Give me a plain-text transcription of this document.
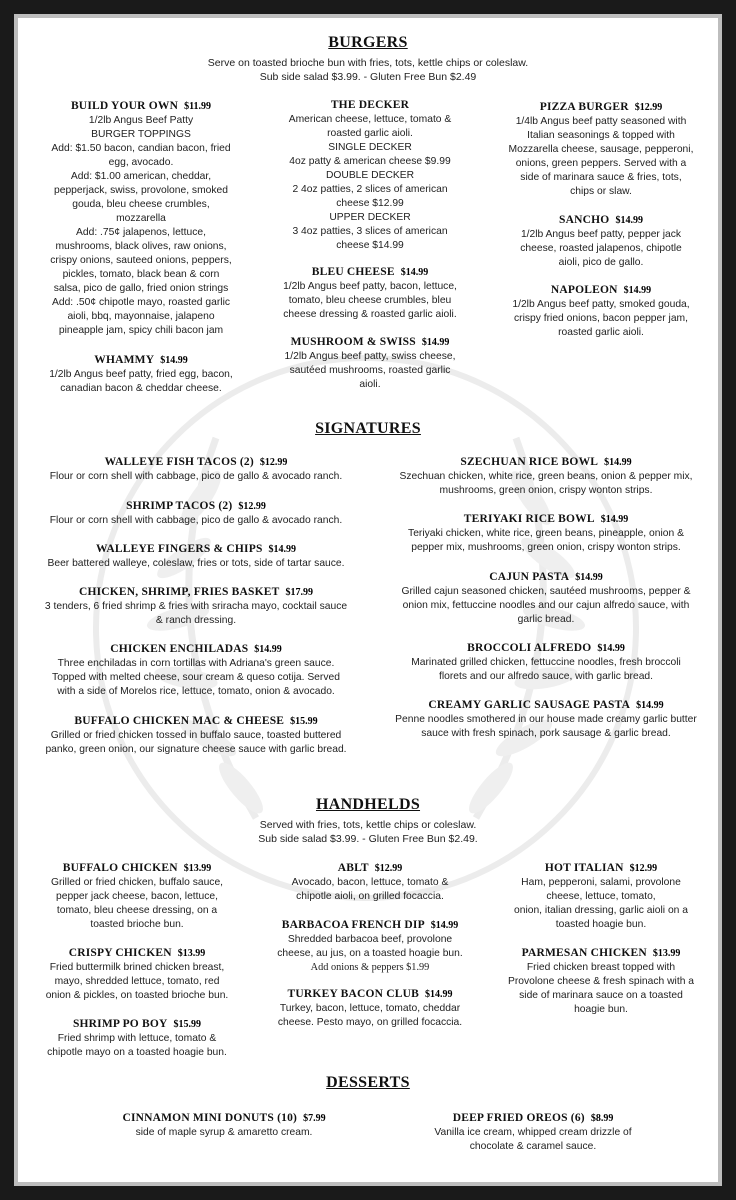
BURGERS
Serve on toasted brioche bun with fries, tots, kettle chips or coleslaw.
Sub side salad $3.99. - Gluten Free Bun $2.49
BUILD YOUR OWN $11.99
1/2lb Angus Beef Patty
BURGER TOPPINGS
Add: $1.50 bacon, candian bacon, fried
egg, avocado.
Add: $1.00 american, cheddar,
pepperjack, swiss, provolone, smoked
gouda, bleu cheese crumbles,
mozzarella
Add: .75¢ jalapenos, lettuce,
mushrooms, black olives, raw onions,
crispy onions, sauteed onions, peppers,
pickles, tomato, black bean & corn
salsa, pico de gallo, fried onion strings
Add: .50¢ chipotle mayo, roasted garlic
aioli, bbq, mayonnaise, jalapeno
pineapple jam, spicy chili bacon jam
WHAMMY $14.99
1/2lb Angus beef patty, fried egg, bacon,
canadian bacon & cheddar cheese.
THE DECKER
American cheese, lettuce, tomato &
roasted garlic aioli.
SINGLE DECKER
4oz patty & american cheese $9.99
DOUBLE DECKER
2 4oz patties, 2 slices of american
cheese $12.99
UPPER DECKER
3 4oz patties, 3 slices of american
cheese $14.99
BLEU CHEESE $14.99
1/2lb Angus beef patty, bacon, lettuce,
tomato, bleu cheese crumbles, bleu
cheese dressing & roasted garlic aioli.
MUSHROOM & SWISS $14.99
1/2lb Angus beef patty, swiss cheese,
sautéed mushrooms, roasted garlic
aioli.
PIZZA BURGER $12.99
1/4lb Angus beef patty seasoned with
Italian seasonings & topped with
Mozzarella cheese, sausage, pepperoni,
onions, green peppers. Served with a
side of marinara sauce & fries, tots,
chips or slaw.
SANCHO $14.99
1/2lb Angus beef patty, pepper jack
cheese, roasted jalapenos, chipotle
aioli, pico de gallo.
NAPOLEON $14.99
1/2lb Angus beef patty, smoked gouda,
crispy fried onions, bacon pepper jam,
roasted garlic aioli.
SIGNATURES
WALLEYE FISH TACOS (2) $12.99
Flour or corn shell with cabbage, pico de gallo & avocado ranch.
SHRIMP TACOS (2) $12.99
Flour or corn shell with cabbage, pico de gallo & avocado ranch.
WALLEYE FINGERS & CHIPS $14.99
Beer battered walleye, coleslaw, fries or tots, side of tartar sauce.
CHICKEN, SHRIMP, FRIES BASKET $17.99
3 tenders, 6 fried shrimp & fries with sriracha mayo, cocktail sauce
& ranch dressing.
CHICKEN ENCHILADAS $14.99
Three enchiladas in corn tortillas with Adriana's green sauce.
Topped with melted cheese, sour cream & queso cotija. Served
with a side of Morelos rice, lettuce, tomato, onion & avocado.
BUFFALO CHICKEN MAC & CHEESE $15.99
Grilled or fried chicken tossed in buffalo sauce, toasted buttered
panko, green onion, our signature cheese sauce with garlic bread.
SZECHUAN RICE BOWL $14.99
Szechuan chicken, white rice, green beans, onion & pepper mix,
mushrooms, green onion, crispy wonton strips.
TERIYAKI RICE BOWL $14.99
Teriyaki chicken, white rice, green beans, pineapple, onion &
pepper mix, mushrooms, green onion, crispy wonton strips.
CAJUN PASTA $14.99
Grilled cajun seasoned chicken, sautéed mushrooms, pepper &
onion mix, fettuccine noodles and our cajun alfredo sauce, with
garlic bread.
BROCCOLI ALFREDO $14.99
Marinated grilled chicken, fettuccine noodles, fresh broccoli
florets and our alfredo sauce, with garlic bread.
CREAMY GARLIC SAUSAGE PASTA $14.99
Penne noodles smothered in our house made creamy garlic butter
sauce with fresh spinach, pork sausage & garlic bread.
HANDHELDS
Served with fries, tots, kettle chips or coleslaw.
Sub side salad $3.99. - Gluten Free Bun $2.49.
BUFFALO CHICKEN $13.99
Grilled or fried chicken, buffalo sauce,
pepper jack cheese, bacon, lettuce,
tomato, bleu cheese dressing, on a
toasted brioche bun.
CRISPY CHICKEN $13.99
Fried buttermilk brined chicken breast,
mayo, shredded lettuce, tomato, red
onion & pickles, on toasted brioche bun.
SHRIMP PO BOY $15.99
Fried shrimp with lettuce, tomato &
chipotle mayo on a toasted hoagie bun.
ABLT $12.99
Avocado, bacon, lettuce, tomato &
chipotle aioli, on grilled focaccia.
BARBACOA FRENCH DIP $14.99
Shredded barbacoa beef, provolone
cheese, au jus, on a toasted hoagie bun.
Add onions & peppers $1.99
TURKEY BACON CLUB $14.99
Turkey, bacon, lettuce, tomato, cheddar
cheese. Pesto mayo, on grilled focaccia.
HOT ITALIAN $12.99
Ham, pepperoni, salami, provolone
cheese, lettuce, tomato,
onion, italian dressing, garlic aioli on a
toasted hoagie bun.
PARMESAN CHICKEN $13.99
Fried chicken breast topped with
Provolone cheese & fresh spinach with a
side of marinara sauce on a toasted
hoagie bun.
DESSERTS
CINNAMON MINI DONUTS (10) $7.99
side of maple syrup & amaretto cream.
DEEP FRIED OREOS (6) $8.99
Vanilla ice cream, whipped cream drizzle of
chocolate & caramel sauce.
